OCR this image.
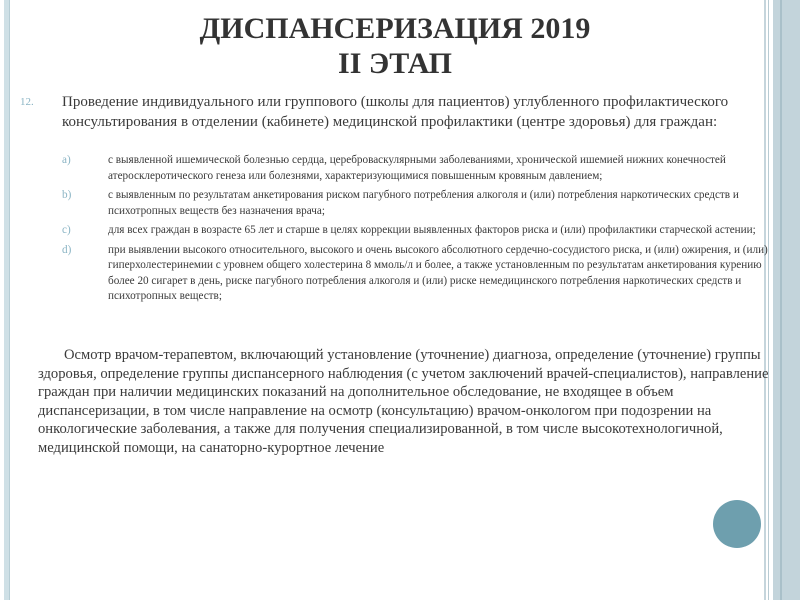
ДИСПАНСЕРИЗАЦИЯ 2019
II ЭТАП
12. Проведение индивидуального или группового (школы для пациентов) углубленного профилактического консультирования в отделении (кабинете) медицинской профилактики (центре здоровья) для граждан:
a)	с выявленной ишемической болезнью сердца, цереброваскулярными заболеваниями, хронической ишемией нижних конечностей атеросклеротического генеза или болезнями, характеризующимися повышенным кровяным давлением;
b)	с выявленным по результатам анкетирования риском пагубного потребления алкоголя и (или) потребления наркотических средств и психотропных веществ без назначения врача;
c)	для всех граждан в возрасте 65 лет и старше в целях коррекции выявленных факторов риска и (или) профилактики старческой астении;
d)	при выявлении высокого относительного, высокого и очень высокого абсолютного сердечно-сосудистого риска, и (или) ожирения, и (или) гиперхолестеринемии с уровнем общего холестерина 8 ммоль/л и более, а также установленным по результатам анкетирования курению более 20 сигарет в день, риске пагубного потребления алкоголя и (или) риске немедицинского потребления наркотических средств и психотропных веществ;
Осмотр врачом-терапевтом, включающий установление (уточнение) диагноза, определение (уточнение) группы здоровья, определение группы диспансерного наблюдения (с учетом заключений врачей-специалистов), направление граждан при наличии медицинских показаний на дополнительное обследование, не входящее в объем диспансеризации, в том числе направление на осмотр (консультацию) врачом-онкологом при подозрении на онкологические заболевания, а также для получения специализированной, в том числе высокотехнологичной, медицинской помощи, на санаторно-курортное лечение
